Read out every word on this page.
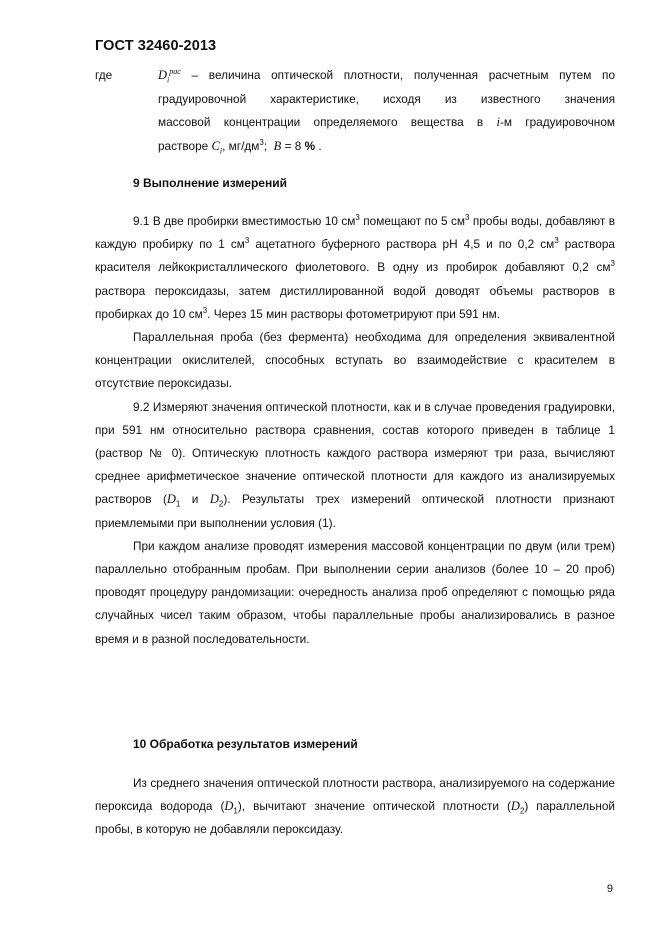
ГОСТ 32460-2013
где	$D_i^{рас}$ – величина оптической плотности, полученная расчетным путем по
градуировочной характеристике, исходя из известного значения
массовой концентрации определяемого вещества в i-м градуировочном
растворе $C_i$, $мг/дм^3$; B = 8 % .
9 Выполнение измерений

9.1 В две пробирки вместимостью 10 $см^3$ помещают по 5 $см^3$ пробы воды, добавляют в каждую пробирку по 1 $см^3$ ацетатного буферного раствора рН 4,5 и по 0,2 $см^3$ раствора красителя лейкокристаллического фиолетового. В одну из пробирок добавляют 0,2 $см^3$ раствора пероксидазы, затем дистиллированной водой доводят объемы растворов в пробирках до 10 $см^3$. Через 15 мин растворы фотометрируют при 591 нм.

Параллельная проба (без фермента) необходима для определения эквивалентной концентрации окислителей, способных вступать во взаимодействие с красителем в отсутствие пероксидазы.

9.2 Измеряют значения оптической плотности, как и в случае проведения градуировки, при 591 нм относительно раствора сравнения, состав которого приведен в таблице 1 (раствор № 0). Оптическую плотность каждого раствора измеряют три раза, вычисляют среднее арифметическое значение оптической плотности для каждого из анализируемых растворов ($D_1$ и $D_2$). Результаты трех измерений оптической плотности признают приемлемыми при выполнении условия (1).

При каждом анализе проводят измерения массовой концентрации по двум (или трем) параллельно отобранным пробам. При выполнении серии анализов (более 10 – 20 проб) проводят процедуру рандомизации: очередность анализа проб определяют с помощью ряда случайных чисел таким образом, чтобы параллельные пробы анализировались в разное время и в разной последовательности.

10 Обработка результатов измерений

Из среднего значения оптической плотности раствора, анализируемого на содержание пероксида водорода $(D_1)$, вычитают значение оптической плотности $(D_2)$ параллельной пробы, в которую не добавляли пероксидазу.

9
